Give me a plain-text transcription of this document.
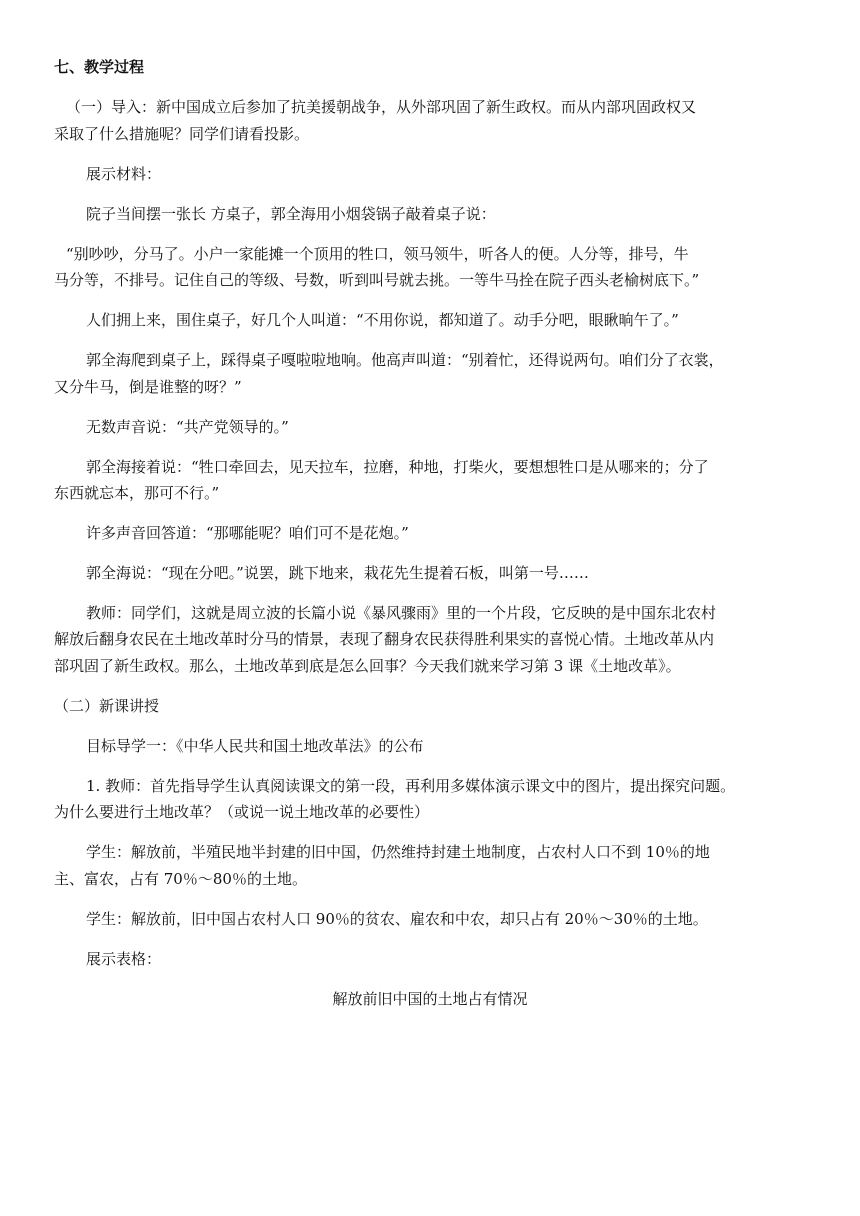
七、教学过程
（一）导入：新中国成立后参加了抗美援朝战争，从外部巩固了新生政权。而从内部巩固政权又
采取了什么措施呢？同学们请看投影。
展示材料：
院子当间摆一张长 方桌子，郭全海用小烟袋锅子敲着桌子说：
“别吵吵，分马了。小户一家能摊一个顶用的牲口，领马领牛，听各人的便。人分等，排号，牛
马分等，不排号。记住自己的等级、号数，听到叫号就去挑。一等牛马拴在院子西头老榆树底下。”
人们拥上来，围住桌子，好几个人叫道：“不用你说，都知道了。动手分吧，眼瞅晌午了。”
郭全海爬到桌子上，踩得桌子嘎啦啦地响。他高声叫道：“别着忙，还得说两句。咱们分了衣裳，
又分牛马，倒是谁整的呀？”
无数声音说：“共产党领导的。”
郭全海接着说：“牲口牵回去，见天拉车，拉磨，种地，打柴火，要想想牲口是从哪来的；分了
东西就忘本，那可不行。”
许多声音回答道：“那哪能呢？咱们可不是花炮。”
郭全海说：“现在分吧。”说罢，跳下地来，栽花先生提着石板，叫第一号……
教师：同学们，这就是周立波的长篇小说《暴风骤雨》里的一个片段，它反映的是中国东北农村
解放后翻身农民在土地改革时分马的情景，表现了翻身农民获得胜利果实的喜悦心情。土地改革从内
部巩固了新生政权。那么，土地改革到底是怎么回事？今天我们就来学习第 3 课《土地改革》。
（二）新课讲授
目标导学一：《中华人民共和国土地改革法》的公布
1. 教师：首先指导学生认真阅读课文的第一段，再利用多媒体演示课文中的图片，提出探究问题。
为什么要进行土地改革？（或说一说土地改革的必要性）
学生：解放前，半殖民地半封建的旧中国，仍然维持封建土地制度，占农村人口不到 10％的地
主、富农，占有 70％～80％的土地。
学生：解放前，旧中国占农村人口 90％的贫农、雇农和中农，却只占有 20％～30％的土地。
展示表格：
解放前旧中国的土地占有情况
